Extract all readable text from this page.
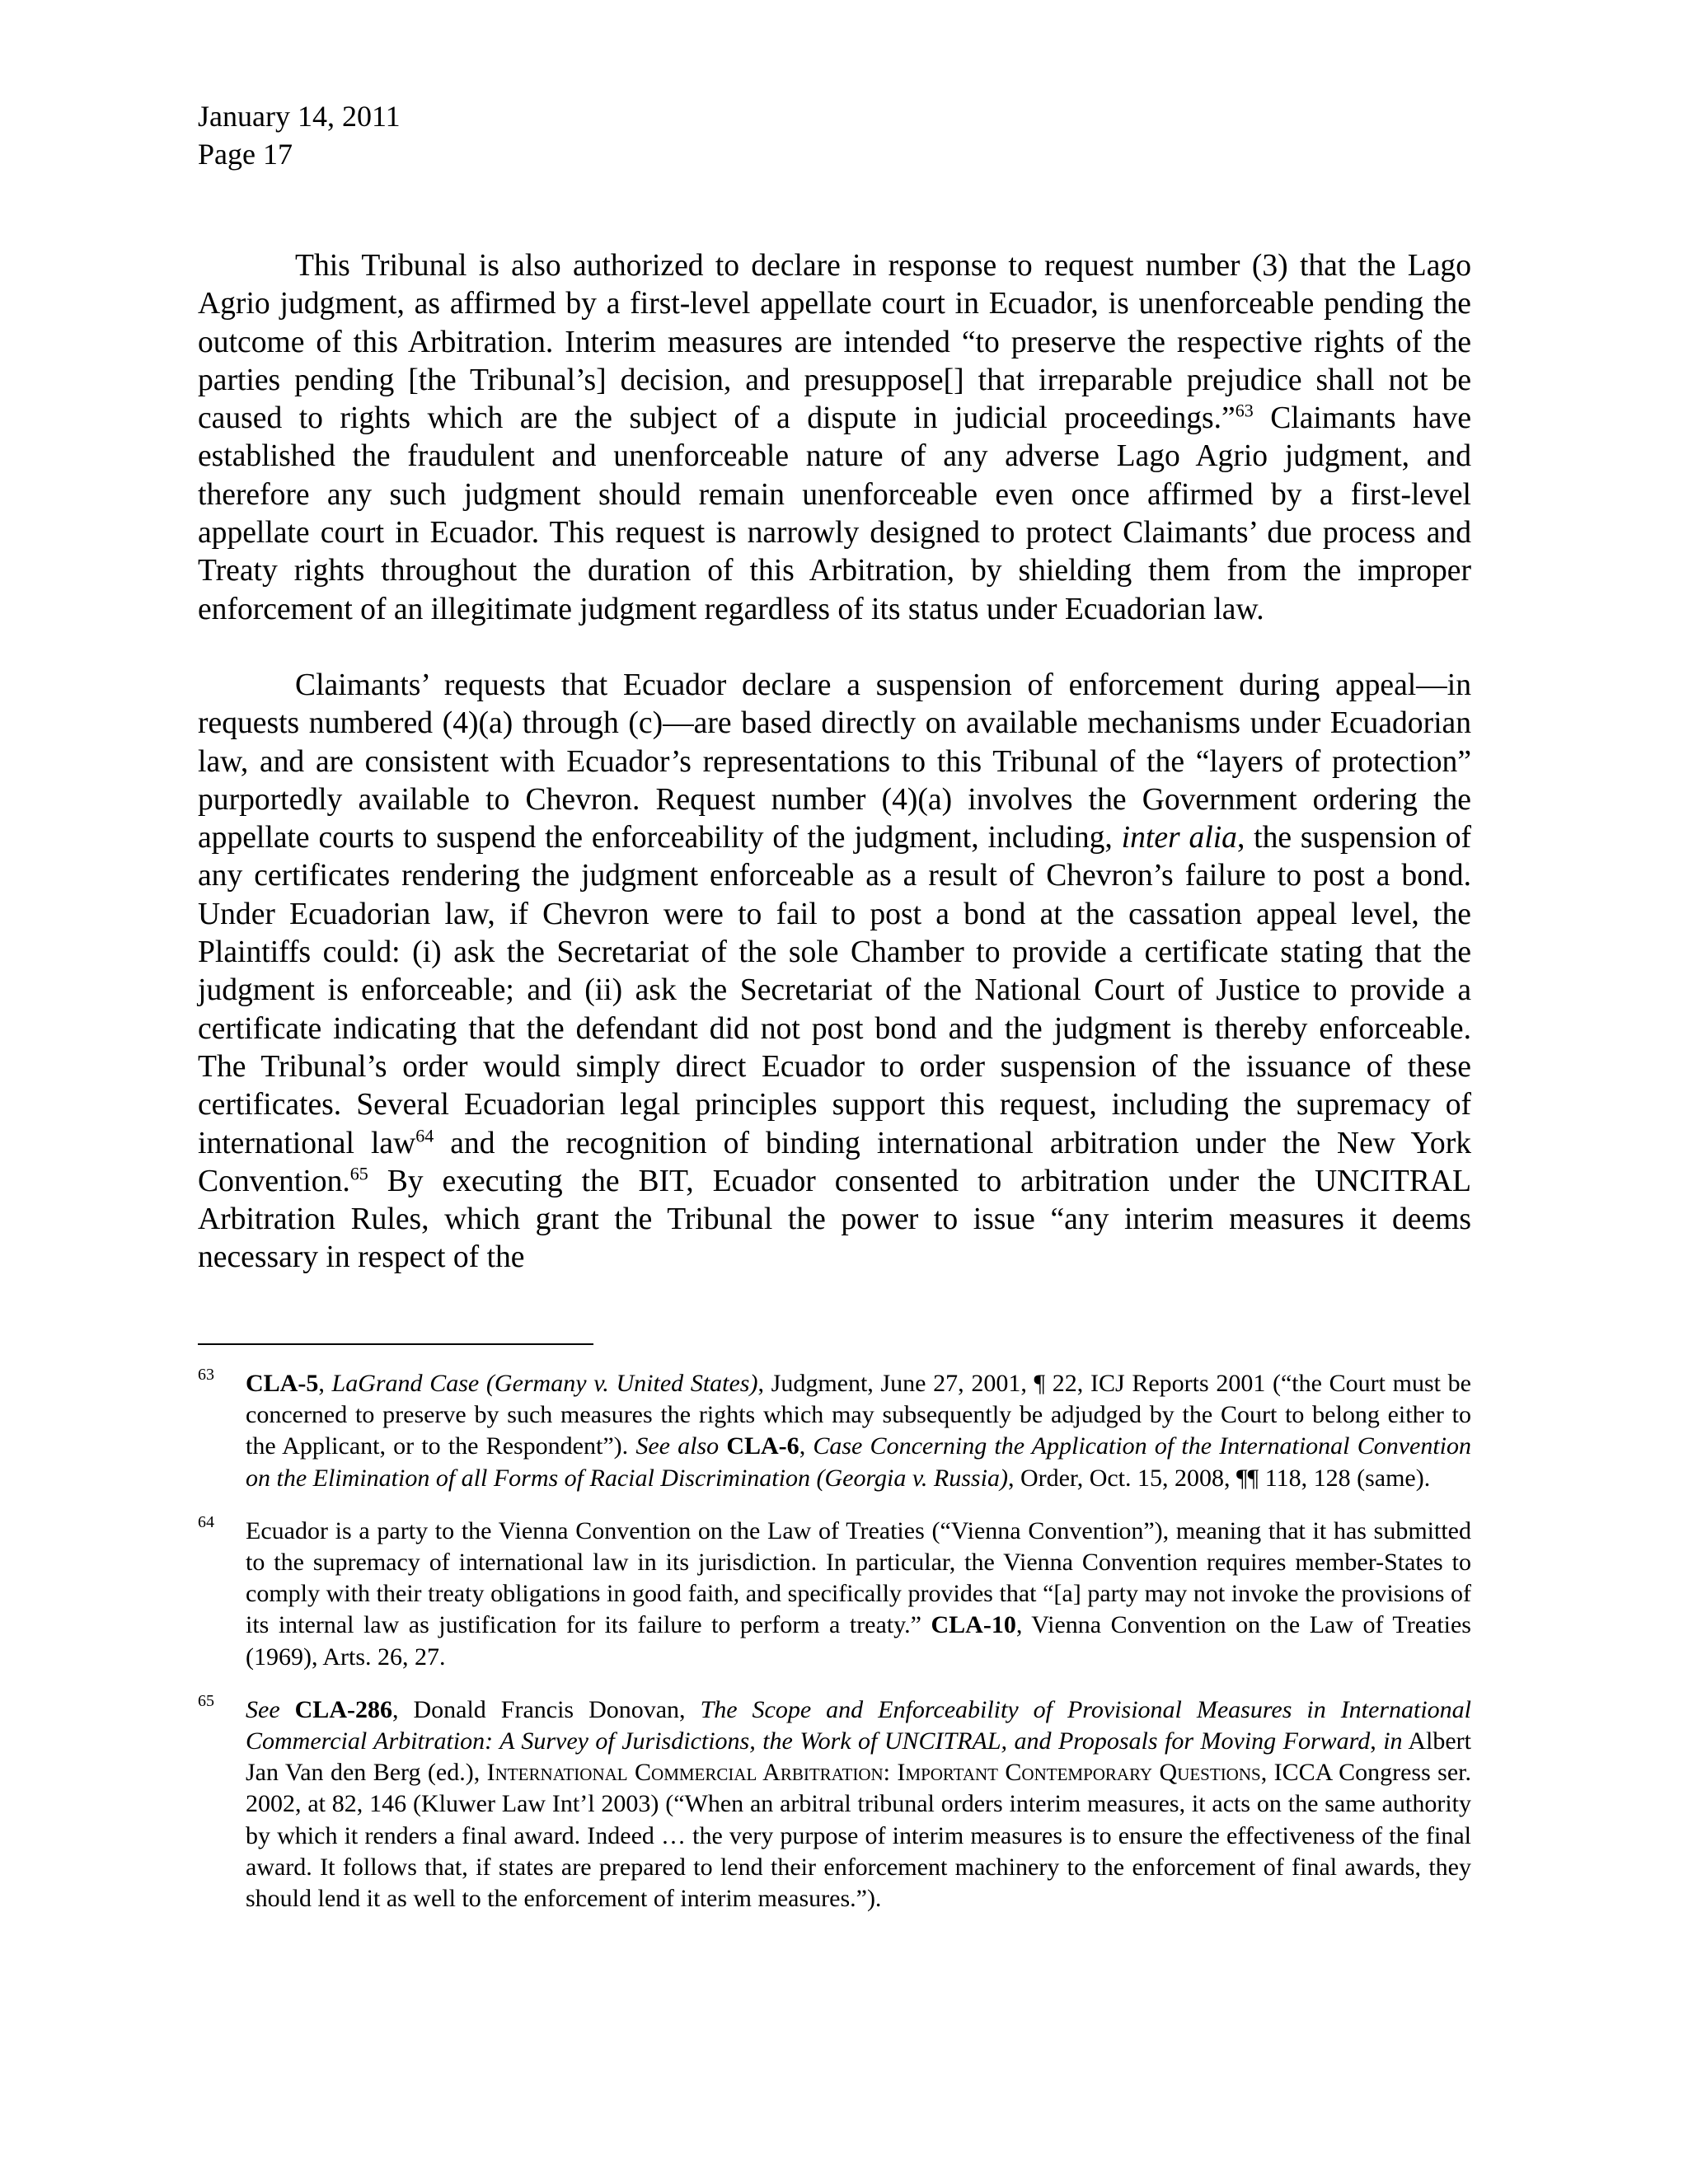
January 14, 2011
Page 17

This Tribunal is also authorized to declare in response to request number (3) that the Lago Agrio judgment, as affirmed by a first-level appellate court in Ecuador, is unenforceable pending the outcome of this Arbitration. Interim measures are intended “to preserve the respective rights of the parties pending [the Tribunal’s] decision, and presuppose[] that irreparable prejudice shall not be caused to rights which are the subject of a dispute in judicial proceedings.”$^{63}$ Claimants have established the fraudulent and unenforceable nature of any adverse Lago Agrio judgment, and therefore any such judgment should remain unenforceable even once affirmed by a first-level appellate court in Ecuador. This request is narrowly designed to protect Claimants’ due process and Treaty rights throughout the duration of this Arbitration, by shielding them from the improper enforcement of an illegitimate judgment regardless of its status under Ecuadorian law.

Claimants’ requests that Ecuador declare a suspension of enforcement during appeal—in requests numbered (4)(a) through (c)—are based directly on available mechanisms under Ecuadorian law, and are consistent with Ecuador’s representations to this Tribunal of the “layers of protection” purportedly available to Chevron. Request number (4)(a) involves the Government ordering the appellate courts to suspend the enforceability of the judgment, including, inter alia, the suspension of any certificates rendering the judgment enforceable as a result of Chevron’s failure to post a bond. Under Ecuadorian law, if Chevron were to fail to post a bond at the cassation appeal level, the Plaintiffs could: (i) ask the Secretariat of the sole Chamber to provide a certificate stating that the judgment is enforceable; and (ii) ask the Secretariat of the National Court of Justice to provide a certificate indicating that the defendant did not post bond and the judgment is thereby enforceable. The Tribunal’s order would simply direct Ecuador to order suspension of the issuance of these certificates. Several Ecuadorian legal principles support this request, including the supremacy of international law$^{64}$ and the recognition of binding international arbitration under the New York Convention.$^{65}$ By executing the BIT, Ecuador consented to arbitration under the UNCITRAL Arbitration Rules, which grant the Tribunal the power to issue “any interim measures it deems necessary in respect of the

63 CLA-5, LaGrand Case (Germany v. United States), Judgment, June 27, 2001, ¶ 22, ICJ Reports 2001 (“the Court must be concerned to preserve by such measures the rights which may subsequently be adjudged by the Court to belong either to the Applicant, or to the Respondent”). See also CLA-6, Case Concerning the Application of the International Convention on the Elimination of all Forms of Racial Discrimination (Georgia v. Russia), Order, Oct. 15, 2008, ¶¶ 118, 128 (same).
64 Ecuador is a party to the Vienna Convention on the Law of Treaties (“Vienna Convention”), meaning that it has submitted to the supremacy of international law in its jurisdiction. In particular, the Vienna Convention requires member-States to comply with their treaty obligations in good faith, and specifically provides that “[a] party may not invoke the provisions of its internal law as justification for its failure to perform a treaty.” CLA-10, Vienna Convention on the Law of Treaties (1969), Arts. 26, 27.
65 See CLA-286, Donald Francis Donovan, The Scope and Enforceability of Provisional Measures in International Commercial Arbitration: A Survey of Jurisdictions, the Work of UNCITRAL, and Proposals for Moving Forward, in Albert Jan Van den Berg (ed.), International Commercial Arbitration: Important Contemporary Questions, ICCA Congress ser. 2002, at 82, 146 (Kluwer Law Int’l 2003) (“When an arbitral tribunal orders interim measures, it acts on the same authority by which it renders a final award. Indeed … the very purpose of interim measures is to ensure the effectiveness of the final award. It follows that, if states are prepared to lend their enforcement machinery to the enforcement of final awards, they should lend it as well to the enforcement of interim measures.”).
